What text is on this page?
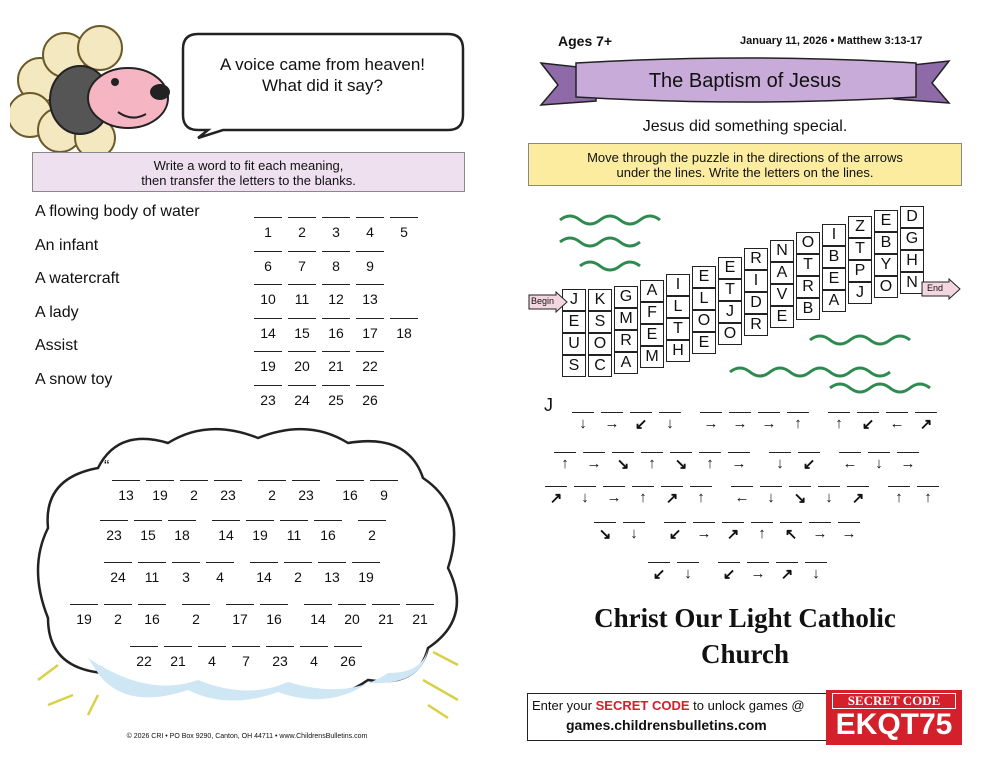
A voice came from heaven!
What did it say?
Write a word to fit each meaning,
then transfer the letters to the blanks.
A flowing body of water
1	2	3	4	5
An infant
6	7	8	9
A watercraft
10	11	12	13
A lady
14	15	16	17	18
Assist
19	20	21	22
A snow toy
23	24	25	26
“
13	19	2	23	2	23	16	9
23	15	18	14	19	11	16	2
24	11	3	4	14	2	13	19
19	2	16	2	17	16	14	20	21	21
22	21	4	7	23	4	26
© 2026 CRI • PO Box 9290, Canton, OH 44711 • www.ChildrensBulletins.com
Ages 7+	January 11, 2026 • Matthew 3:13-17
The Baptism of Jesus
Jesus did something special.
Move through the puzzle in the directions of the arrows
under the lines. Write the letters on the lines.
J
E
U
S
K
S
O
C
G
M
R
A
A
F
E
M
I
L
T
H
E
L
O
E
E
T
J
O
R
I
D
R
N
A
V
E
O
T
R
B
I
B
E
A
Z
T
P
J
E
B
Y
O
D
G
H
N
Begin
End
J
↓	→	↙	↓	→ → →	↑	↑	↙	←	↗
↑	→	↘	↑	↘	↑	→	↓	↙	←	↓	→
↗	↓	→	↑	↗	↑	←	↓	↘	↓	↗	↑	↑
↘	↓	↙	→	↗	↑	↖	→ →
↙	↓	↙	→	↗	↓
Christ Our Light Catholic
Church
Enter your SECRET CODE to unlock games @
games.childrensbulletins.com
SECRET CODE
EKQT75
